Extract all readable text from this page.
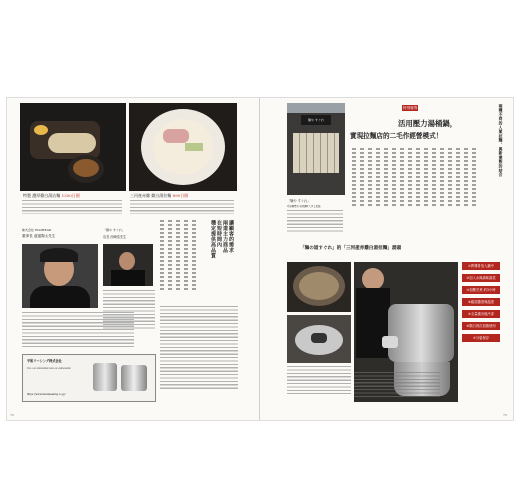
特製 濃厚雞白湯沾麵 1350日圓	三河產赤雞 雞白湯拉麵 890日圓
株式会社 EGGHEAD
董事長 渡邊陽太先生
「麺や すぐれ」
店長 西崎浩先生	讓顧客的需求
兩道主力商品
在短時間內
穩定提供高品質
平和リーシング株式会社
TEL 045-XXX-XXXX FAX 045-XXX-XXXX
https://www.heiwaleasing.co.jp/
72
麺や すぐれ
「麺や すぐれ」
愛知縣豐川市御津町大字上佐脇
特別報導
活用壓力湯桶鍋，
實現拉麵店的二毛作經營模式！	兩種不同的人氣拉麵，與新業態的結合
「麺の道すぐれ」的「三河產赤雞白湯拉麵」湯頭
①將雞骨放入鍋中
②加入水與調味蔬菜
③加壓烹煮 約3小時
④確認濃度與溫度
⑤全量濾出後冷卻
⑥隔日再次加熱使用
⑦分裝保存
73
